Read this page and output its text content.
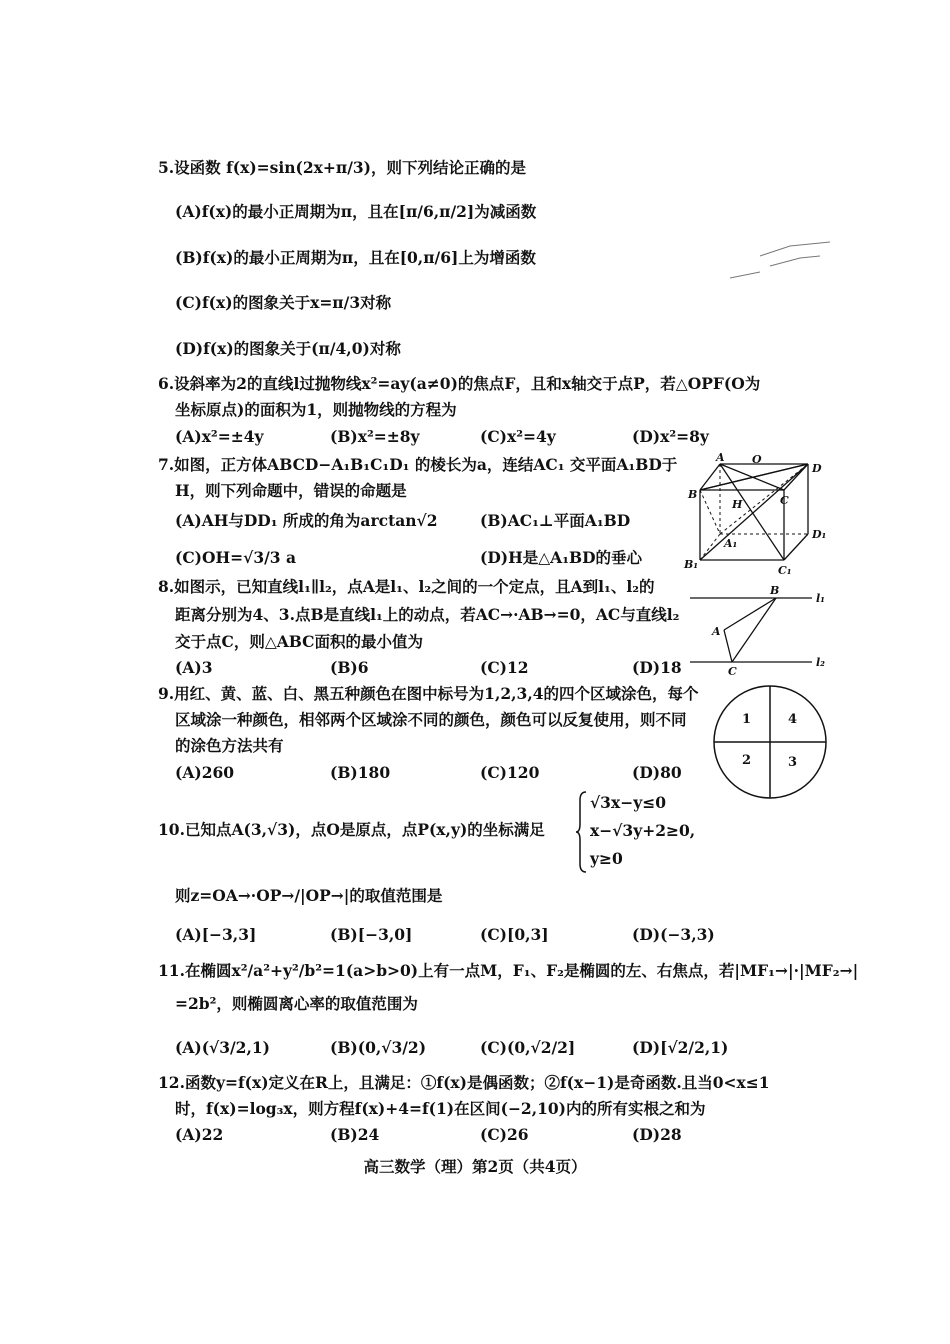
5.设函数 f(x)=sin(2x+π/3)，则下列结论正确的是
(A)f(x)的最小正周期为π，且在[π/6,π/2]为减函数
(B)f(x)的最小正周期为π，且在[0,π/6]上为增函数
(C)f(x)的图象关于x=π/3对称
(D)f(x)的图象关于(π/4,0)对称
6.设斜率为2的直线l过抛物线x²=ay(a≠0)的焦点F，且和x轴交于点P，若△OPF(O为
坐标原点)的面积为1，则抛物线的方程为
(A)x²=±4y	(B)x²=±8y	(C)x²=4y	(D)x²=8y
7.如图，正方体ABCD−A₁B₁C₁D₁ 的棱长为a，连结AC₁ 交平面A₁BD于
H，则下列命题中，错误的命题是
(A)AH与DD₁ 所成的角为arctan√2	(B)AC₁⊥平面A₁BD
(C)OH=√3/3 a	(D)H是△A₁BD的垂心
A O
D
B
H	C
A₁
D₁
B₁	C₁
8.如图示，已知直线l₁∥l₂，点A是l₁、l₂之间的一个定点，且A到l₁、l₂的
距离分别为4、3.点B是直线l₁上的动点，若AC→·AB→=0，AC与直线l₂
交于点C，则△ABC面积的最小值为
(A)3	(B)6	(C)12	(D)18
B
l₁
A
C
l₂
9.用红、黄、蓝、白、黑五种颜色在图中标号为1,2,3,4的四个区域涂色，每个
区域涂一种颜色，相邻两个区域涂不同的颜色，颜色可以反复使用，则不同
的涂色方法共有
(A)260	(B)180	(C)120	(D)80
1	4
2	3
10.已知点A(3,√3)，点O是原点，点P(x,y)的坐标满足
√3x−y≤0
x−√3y+2≥0,
y≥0
则z=OA→·OP→/|OP→|的取值范围是
(A)[−3,3]	(B)[−3,0]	(C)[0,3]	(D)(−3,3)
11.在椭圆x²/a²+y²/b²=1(a>b>0)上有一点M，F₁、F₂是椭圆的左、右焦点，若|MF₁→|·|MF₂→|
=2b²，则椭圆离心率的取值范围为
(A)(√3/2,1)	(B)(0,√3/2)	(C)(0,√2/2]	(D)[√2/2,1)
12.函数y=f(x)定义在R上，且满足：①f(x)是偶函数；②f(x−1)是奇函数.且当0<x≤1
时，f(x)=log₃x，则方程f(x)+4=f(1)在区间(−2,10)内的所有实根之和为
(A)22	(B)24	(C)26	(D)28
高三数学（理）第2页（共4页）
